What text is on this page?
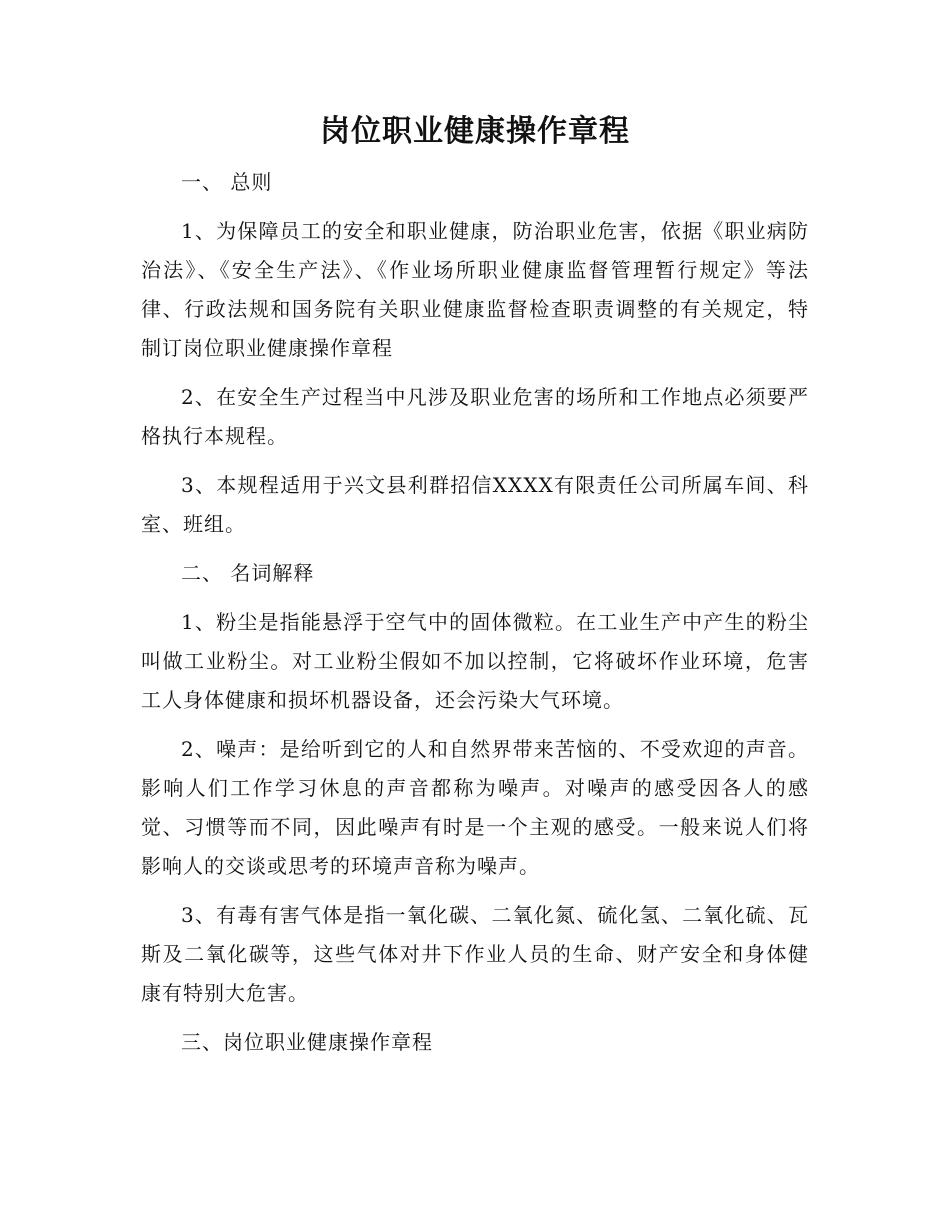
岗位职业健康操作章程

一、 总则

1、为保障员工的安全和职业健康，防治职业危害，依据《职业病防治法》、《安全生产法》、《作业场所职业健康监督管理暂行规定》等法律、行政法规和国务院有关职业健康监督检查职责调整的有关规定，特制订岗位职业健康操作章程

2、在安全生产过程当中凡涉及职业危害的场所和工作地点必须要严格执行本规程。

3、本规程适用于兴文县利群招信XXXX有限责任公司所属车间、科室、班组。

二、 名词解释

1、粉尘是指能悬浮于空气中的固体微粒。在工业生产中产生的粉尘叫做工业粉尘。对工业粉尘假如不加以控制，它将破坏作业环境，危害工人身体健康和损坏机器设备，还会污染大气环境。

2、噪声：是给听到它的人和自然界带来苦恼的、不受欢迎的声音。影响人们工作学习休息的声音都称为噪声。对噪声的感受因各人的感觉、习惯等而不同，因此噪声有时是一个主观的感受。一般来说人们将影响人的交谈或思考的环境声音称为噪声。

3、有毒有害气体是指一氧化碳、二氧化氮、硫化氢、二氧化硫、瓦斯及二氧化碳等，这些气体对井下作业人员的生命、财产安全和身体健康有特别大危害。

三、岗位职业健康操作章程
